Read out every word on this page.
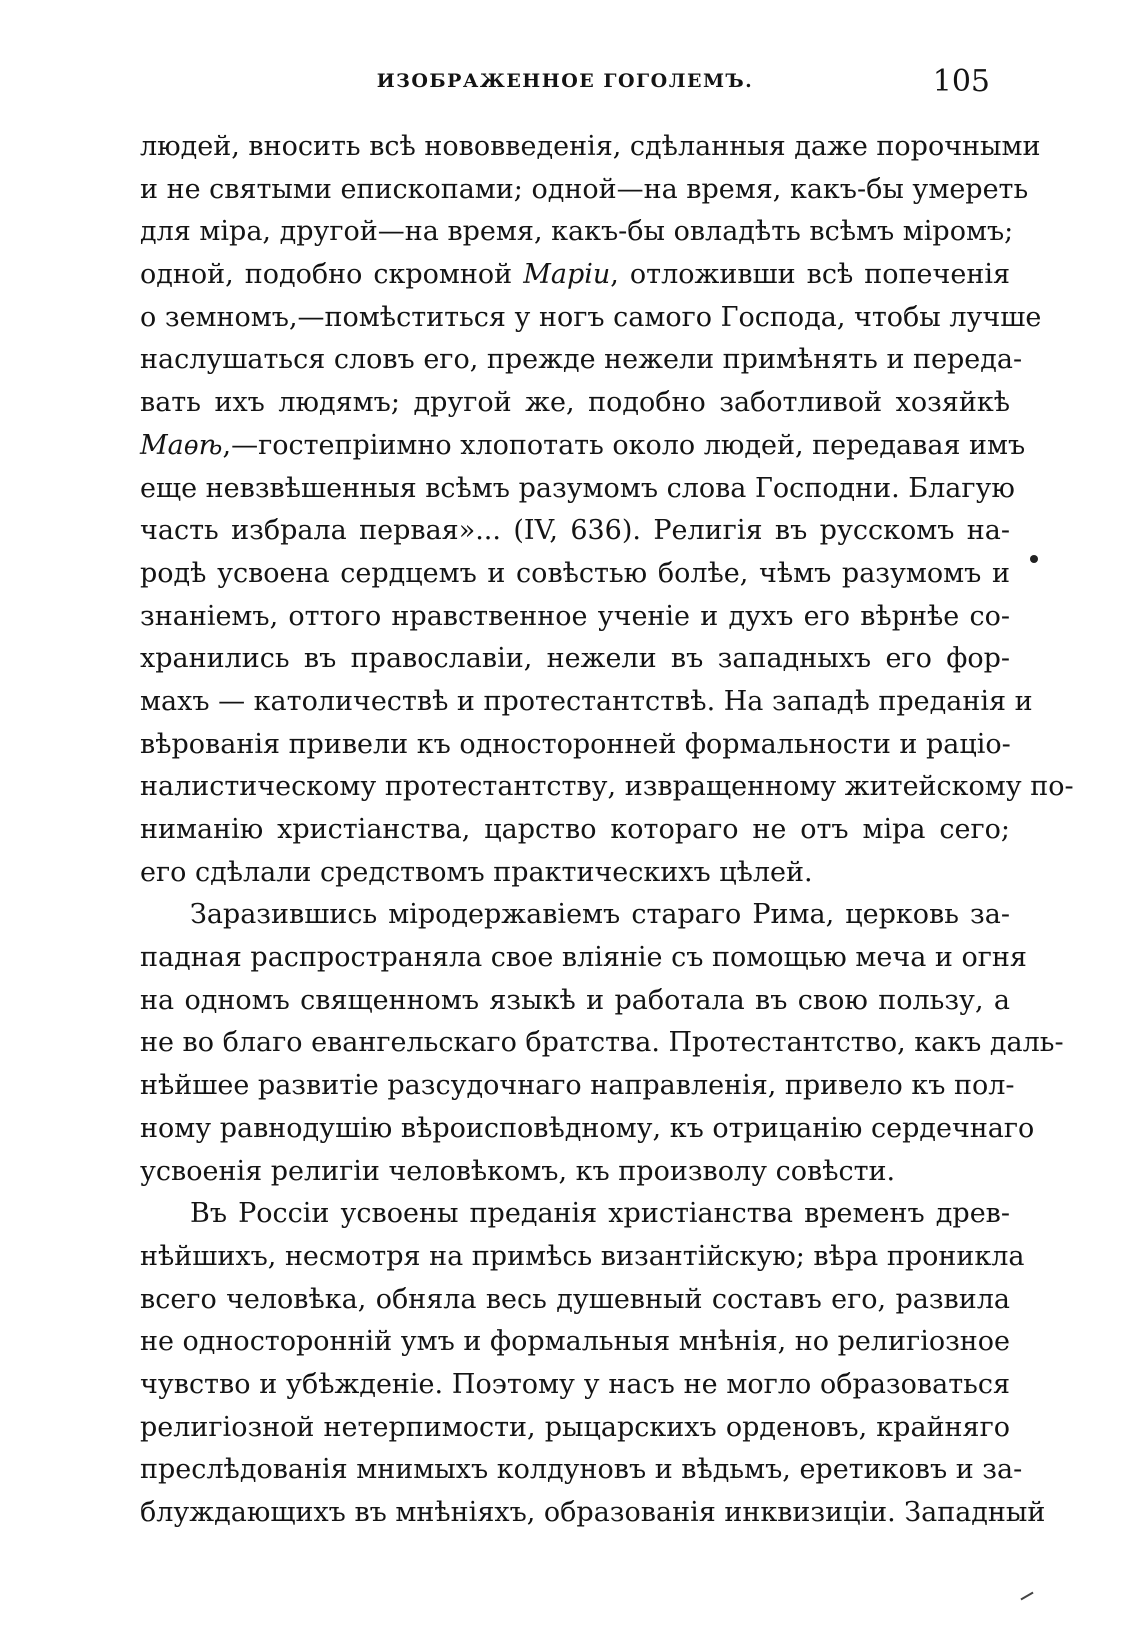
ИЗОБРАЖЕННОЕ ГОГОЛЕМЪ.	105
людей, вносить всѣ нововведенія, сдѣланныя даже порочными
и не святыми епископами; одной—на время, какъ-бы умереть
для міра, другой—на время, какъ-бы овладѣть всѣмъ міромъ;
одной, подобно скромной Маріи, отложивши всѣ попеченія
о земномъ,—помѣститься у ногъ самого Господа, чтобы лучше
наслушаться словъ его, прежде нежели примѣнять и переда-
вать ихъ людямъ; другой же, подобно заботливой хозяйкѣ
Маѳѣ,—гостепріимно хлопотать около людей, передавая имъ
еще невзвѣшенныя всѣмъ разумомъ слова Господни. Благую
часть избрала первая»... (IV, 636). Религія въ русскомъ на-
родѣ усвоена сердцемъ и совѣстью болѣе, чѣмъ разумомъ и
знаніемъ, оттого нравственное ученіе и духъ его вѣрнѣе со-
хранились въ православіи, нежели въ западныхъ его фор-
махъ — католичествѣ и протестантствѣ. На западѣ преданія и
вѣрованія привели къ односторонней формальности и раціо-
налистическому протестантству, извращенному житейскому по-
ниманію христіанства, царство котораго не отъ міра сего;
его сдѣлали средствомъ практическихъ цѣлей.
Заразившись міродержавіемъ стараго Рима, церковь за-
падная распространяла свое вліяніе съ помощью меча и огня
на одномъ священномъ языкѣ и работала въ свою пользу, а
не во благо евангельскаго братства. Протестантство, какъ даль-
нѣйшее развитіе разсудочнаго направленія, привело къ пол-
ному равнодушію вѣроисповѣдному, къ отрицанію сердечнаго
усвоенія религіи человѣкомъ, къ произволу совѣсти.
Въ Россіи усвоены преданія христіанства временъ древ-
нѣйшихъ, несмотря на примѣсь византійскую; вѣра проникла
всего человѣка, обняла весь душевный составъ его, развила
не односторонній умъ и формальныя мнѣнія, но религіозное
чувство и убѣжденіе. Поэтому у насъ не могло образоваться
религіозной нетерпимости, рыцарскихъ орденовъ, крайняго
преслѣдованія мнимыхъ колдуновъ и вѣдьмъ, еретиковъ и за-
блуждающихъ въ мнѣніяхъ, образованія инквизиціи. Западный
